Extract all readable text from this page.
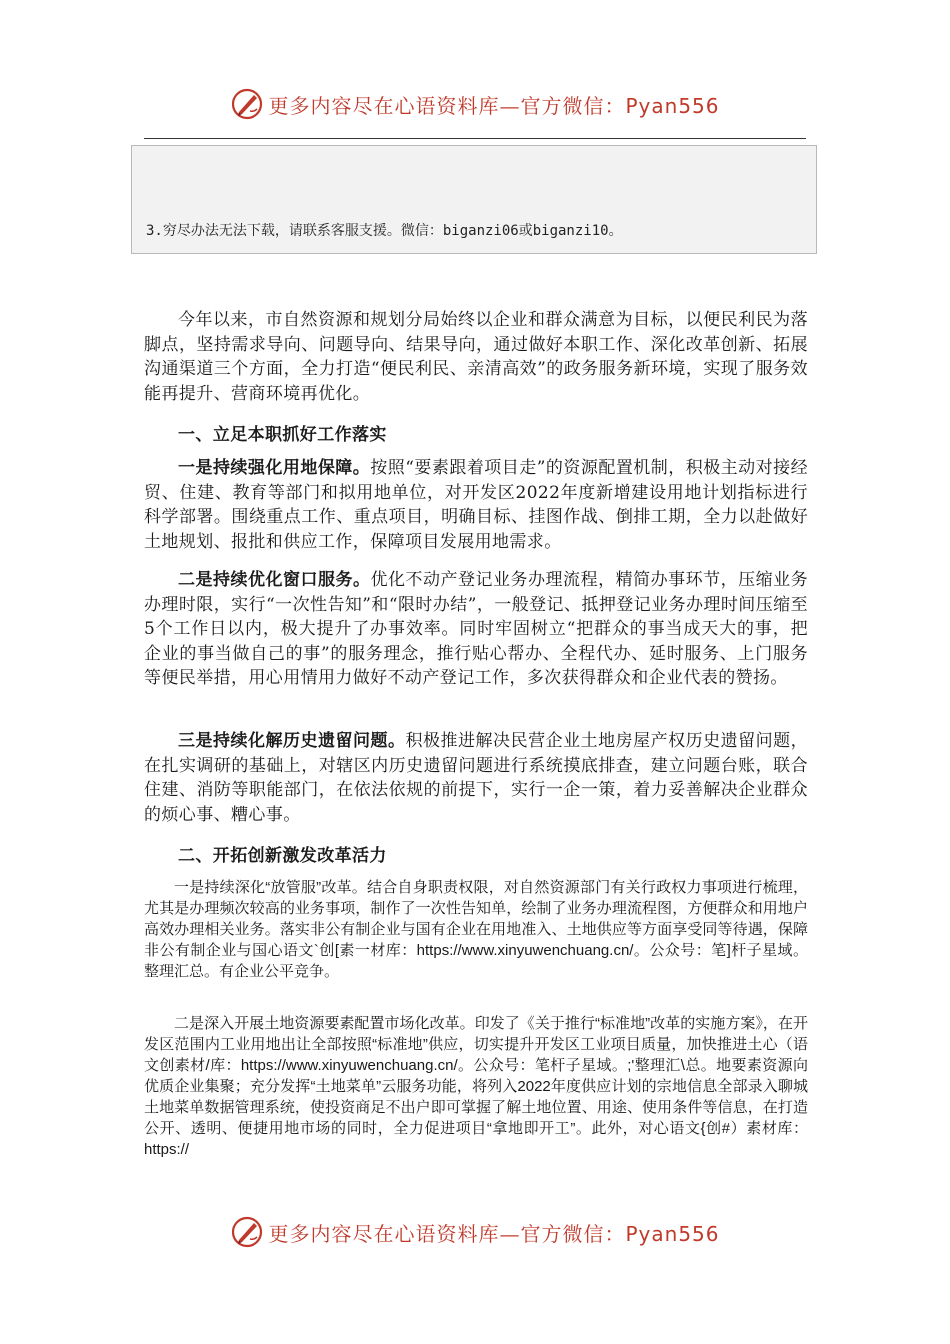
更多内容尽在心语资料库—官方微信：Pyan556
3.穷尽办法无法下载，请联系客服支援。微信：biganzi06或biganzi10。

今年以来，市自然资源和规划分局始终以企业和群众满意为目标，以便民利民为落脚点，坚持需求导向、问题导向、结果导向，通过做好本职工作、深化改革创新、拓展沟通渠道三个方面，全力打造“便民利民、亲清高效”的政务服务新环境，实现了服务效能再提升、营商环境再优化。

一、立足本职抓好工作落实

一是持续强化用地保障。按照“要素跟着项目走”的资源配置机制，积极主动对接经贸、住建、教育等部门和拟用地单位，对开发区2022年度新增建设用地计划指标进行科学部署。围绕重点工作、重点项目，明确目标、挂图作战、倒排工期，全力以赴做好土地规划、报批和供应工作，保障项目发展用地需求。

二是持续优化窗口服务。优化不动产登记业务办理流程，精简办事环节，压缩业务办理时限，实行“一次性告知”和“限时办结”，一般登记、抵押登记业务办理时间压缩至5个工作日以内，极大提升了办事效率。同时牢固树立“把群众的事当成天大的事，把企业的事当做自己的事”的服务理念，推行贴心帮办、全程代办、延时服务、上门服务等便民举措，用心用情用力做好不动产登记工作，多次获得群众和企业代表的赞扬。

三是持续化解历史遗留问题。积极推进解决民营企业土地房屋产权历史遗留问题，在扎实调研的基础上，对辖区内历史遗留问题进行系统摸底排查，建立问题台账，联合住建、消防等职能部门，在依法依规的前提下，实行一企一策，着力妥善解决企业群众的烦心事、糟心事。

二、开拓创新激发改革活力

一是持续深化“放管服”改革。结合自身职责权限，对自然资源部门有关行政权力事项进行梳理，尤其是办理频次较高的业务事项，制作了一次性告知单，绘制了业务办理流程图，方便群众和用地户高效办理相关业务。落实非公有制企业与国有企业在用地准入、土地供应等方面享受同等待遇，保障非公有制企业与国心语文`创[素一材库：https://www.xinyuwenchuang.cn/。公众号：笔]杆子星域。整理汇总。有企业公平竞争。

二是深入开展土地资源要素配置市场化改革。印发了《关于推行“标准地”改革的实施方案》，在开发区范围内工业用地出让全部按照“标准地”供应，切实提升开发区工业项目质量，加快推进土心（语文创素材/库：https://www.xinyuwenchuang.cn/。公众号：笔杆子星域。;'整理汇\总。地要素资源向优质企业集聚；充分发挥“土地菜单”云服务功能，将列入2022年度供应计划的宗地信息全部录入聊城土地菜单数据管理系统，使投资商足不出户即可掌握了解土地位置、用途、使用条件等信息，在打造公开、透明、便捷用地市场的同时，全力促进项目“拿地即开工”。此外，对心语文{创#）素材库：https://

更多内容尽在心语资料库—官方微信：Pyan556
